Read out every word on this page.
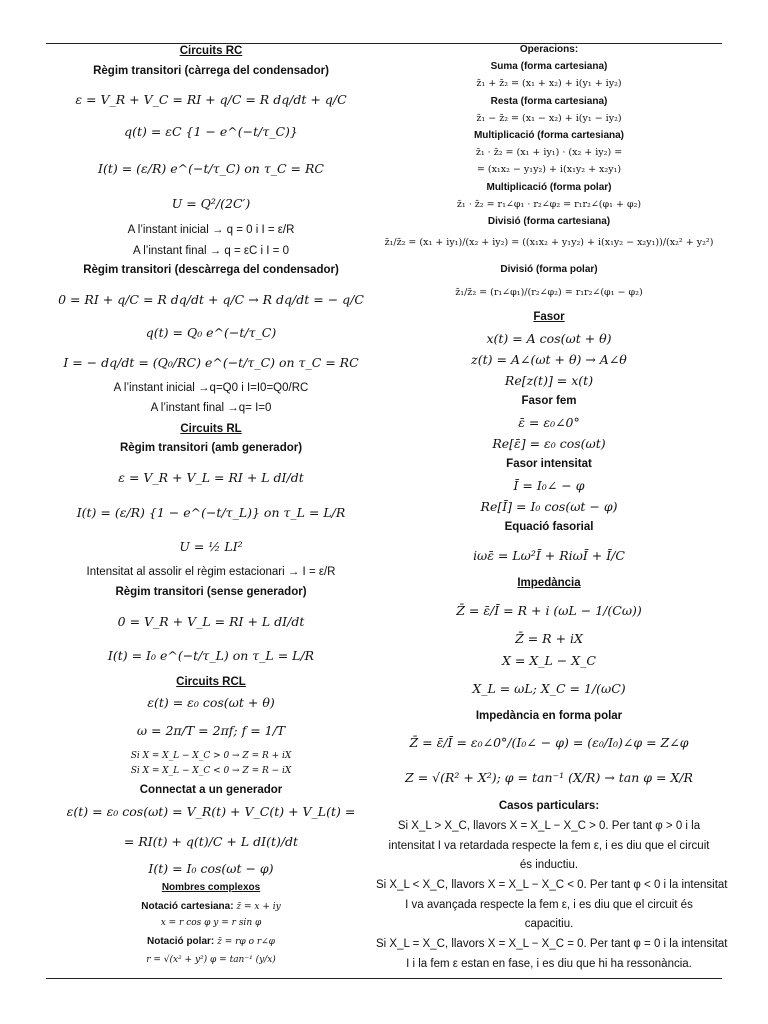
Circuits RC
Règim transitori (càrrega del condensador)
ε = V_R + V_C = RI + q/C = R dq/dt + q/C
q(t) = εC {1 − e^(−t/τ_C)}
I(t) = (ε/R) e^(−t/τ_C) on τ_C = RC
U = Q²/(2C′)
A l’instant inicial → q = 0 i I = ε/R
A l’instant final → q = εC i I = 0
Règim transitori (descàrrega del condensador)
0 = RI + q/C = R dq/dt + q/C → R dq/dt = − q/C
q(t) = Q₀ e^(−t/τ_C)
I = − dq/dt = (Q₀/RC) e^(−t/τ_C) on τ_C = RC
A l’instant inicial →q=Q0 i I=I0=Q0/RC
A l’instant final →q= I=0
Circuits RL
Règim transitori (amb generador)
ε = V_R + V_L = RI + L dI/dt
I(t) = (ε/R) {1 − e^(−t/τ_L)} on τ_L = L/R
U = ½ LI²
Intensitat al assolir el règim estacionari → I = ε/R
Règim transitori (sense generador)
0 = V_R + V_L = RI + L dI/dt
I(t) = I₀ e^(−t/τ_L) on τ_L = L/R
Circuits RCL
ε(t) = ε₀ cos(ωt + θ)
ω = 2π/T = 2πf; f = 1/T
Si X = X_L − X_C > 0 → Z = R + iX
Si X = X_L − X_C < 0 → Z = R − iX
Connectat a un generador
ε(t) = ε₀ cos(ωt) = V_R(t) + V_C(t) + V_L(t) =
= RI(t) + q(t)/C + L dI(t)/dt
I(t) = I₀ cos(ωt − φ)
Nombres complexos
Notació cartesiana: z̄ = x + iy
x = r cos φ y = r sin φ
Notació polar: z̄ = rφ o r∠φ
r = √(x² + y²) φ = tan⁻¹ (y/x)
Operacions:
Suma (forma cartesiana)
z̄₁ + z̄₂ = (x₁ + x₂) + i(y₁ + iy₂)
Resta (forma cartesiana)
z̄₁ − z̄₂ = (x₁ − x₂) + i(y₁ − iy₂)
Multiplicació (forma cartesiana)
z̄₁ · z̄₂ = (x₁ + iy₁) · (x₂ + iy₂) =
= (x₁x₂ − y₁y₂) + i(x₁y₂ + x₂y₁)
Multiplicació (forma polar)
z̄₁ · z̄₂ = r₁∠φ₁ · r₂∠φ₂ = r₁r₂∠(φ₁ + φ₂)
Divisió (forma cartesiana)
z̄₁/z̄₂ = (x₁ + iy₁)/(x₂ + iy₂) = ((x₁x₂ + y₁y₂) + i(x₁y₂ − x₂y₁))/(x₂² + y₂²)
Divisió (forma polar)
z̄₁/z̄₂ = (r₁∠φ₁)/(r₂∠φ₂) = r₁r₂∠(φ₁ − φ₂)
Fasor
x(t) = A cos(ωt + θ)
z(t) = A∠(ωt + θ) → A∠θ
Re[z(t)] = x(t)
Fasor fem
ε̄ = ε₀∠0°
Re[ε̄] = ε₀ cos(ωt)
Fasor intensitat
Ī = I₀∠ − φ
Re[Ī] = I₀ cos(ωt − φ)
Equació fasorial
iωε̄ = Lω²Ī + RiωĪ + Ī/C
Impedància
Z̄ = ε̄/Ī = R + i (ωL − 1/(Cω))
Z̄ = R + iX
X = X_L − X_C
X_L = ωL; X_C = 1/(ωC)
Impedància en forma polar
Z̄ = ε̄/Ī = ε₀∠0°/(I₀∠ − φ) = (ε₀/I₀)∠φ = Z∠φ
Z = √(R² + X²); φ = tan⁻¹ (X/R) → tan φ = X/R
Casos particulars:
Si X_L > X_C, llavors X = X_L − X_C > 0. Per tant φ > 0 i la
intensitat I va retardada respecte la fem ε, i es diu que el circuit
és inductiu.
Si X_L < X_C, llavors X = X_L − X_C < 0. Per tant φ < 0 i la intensitat
I va avançada respecte la fem ε, i es diu que el circuit és
capacitiu.
Si X_L = X_C, llavors X = X_L − X_C = 0. Per tant φ = 0 i la intensitat
I i la fem ε estan en fase, i es diu que hi ha ressonància.
